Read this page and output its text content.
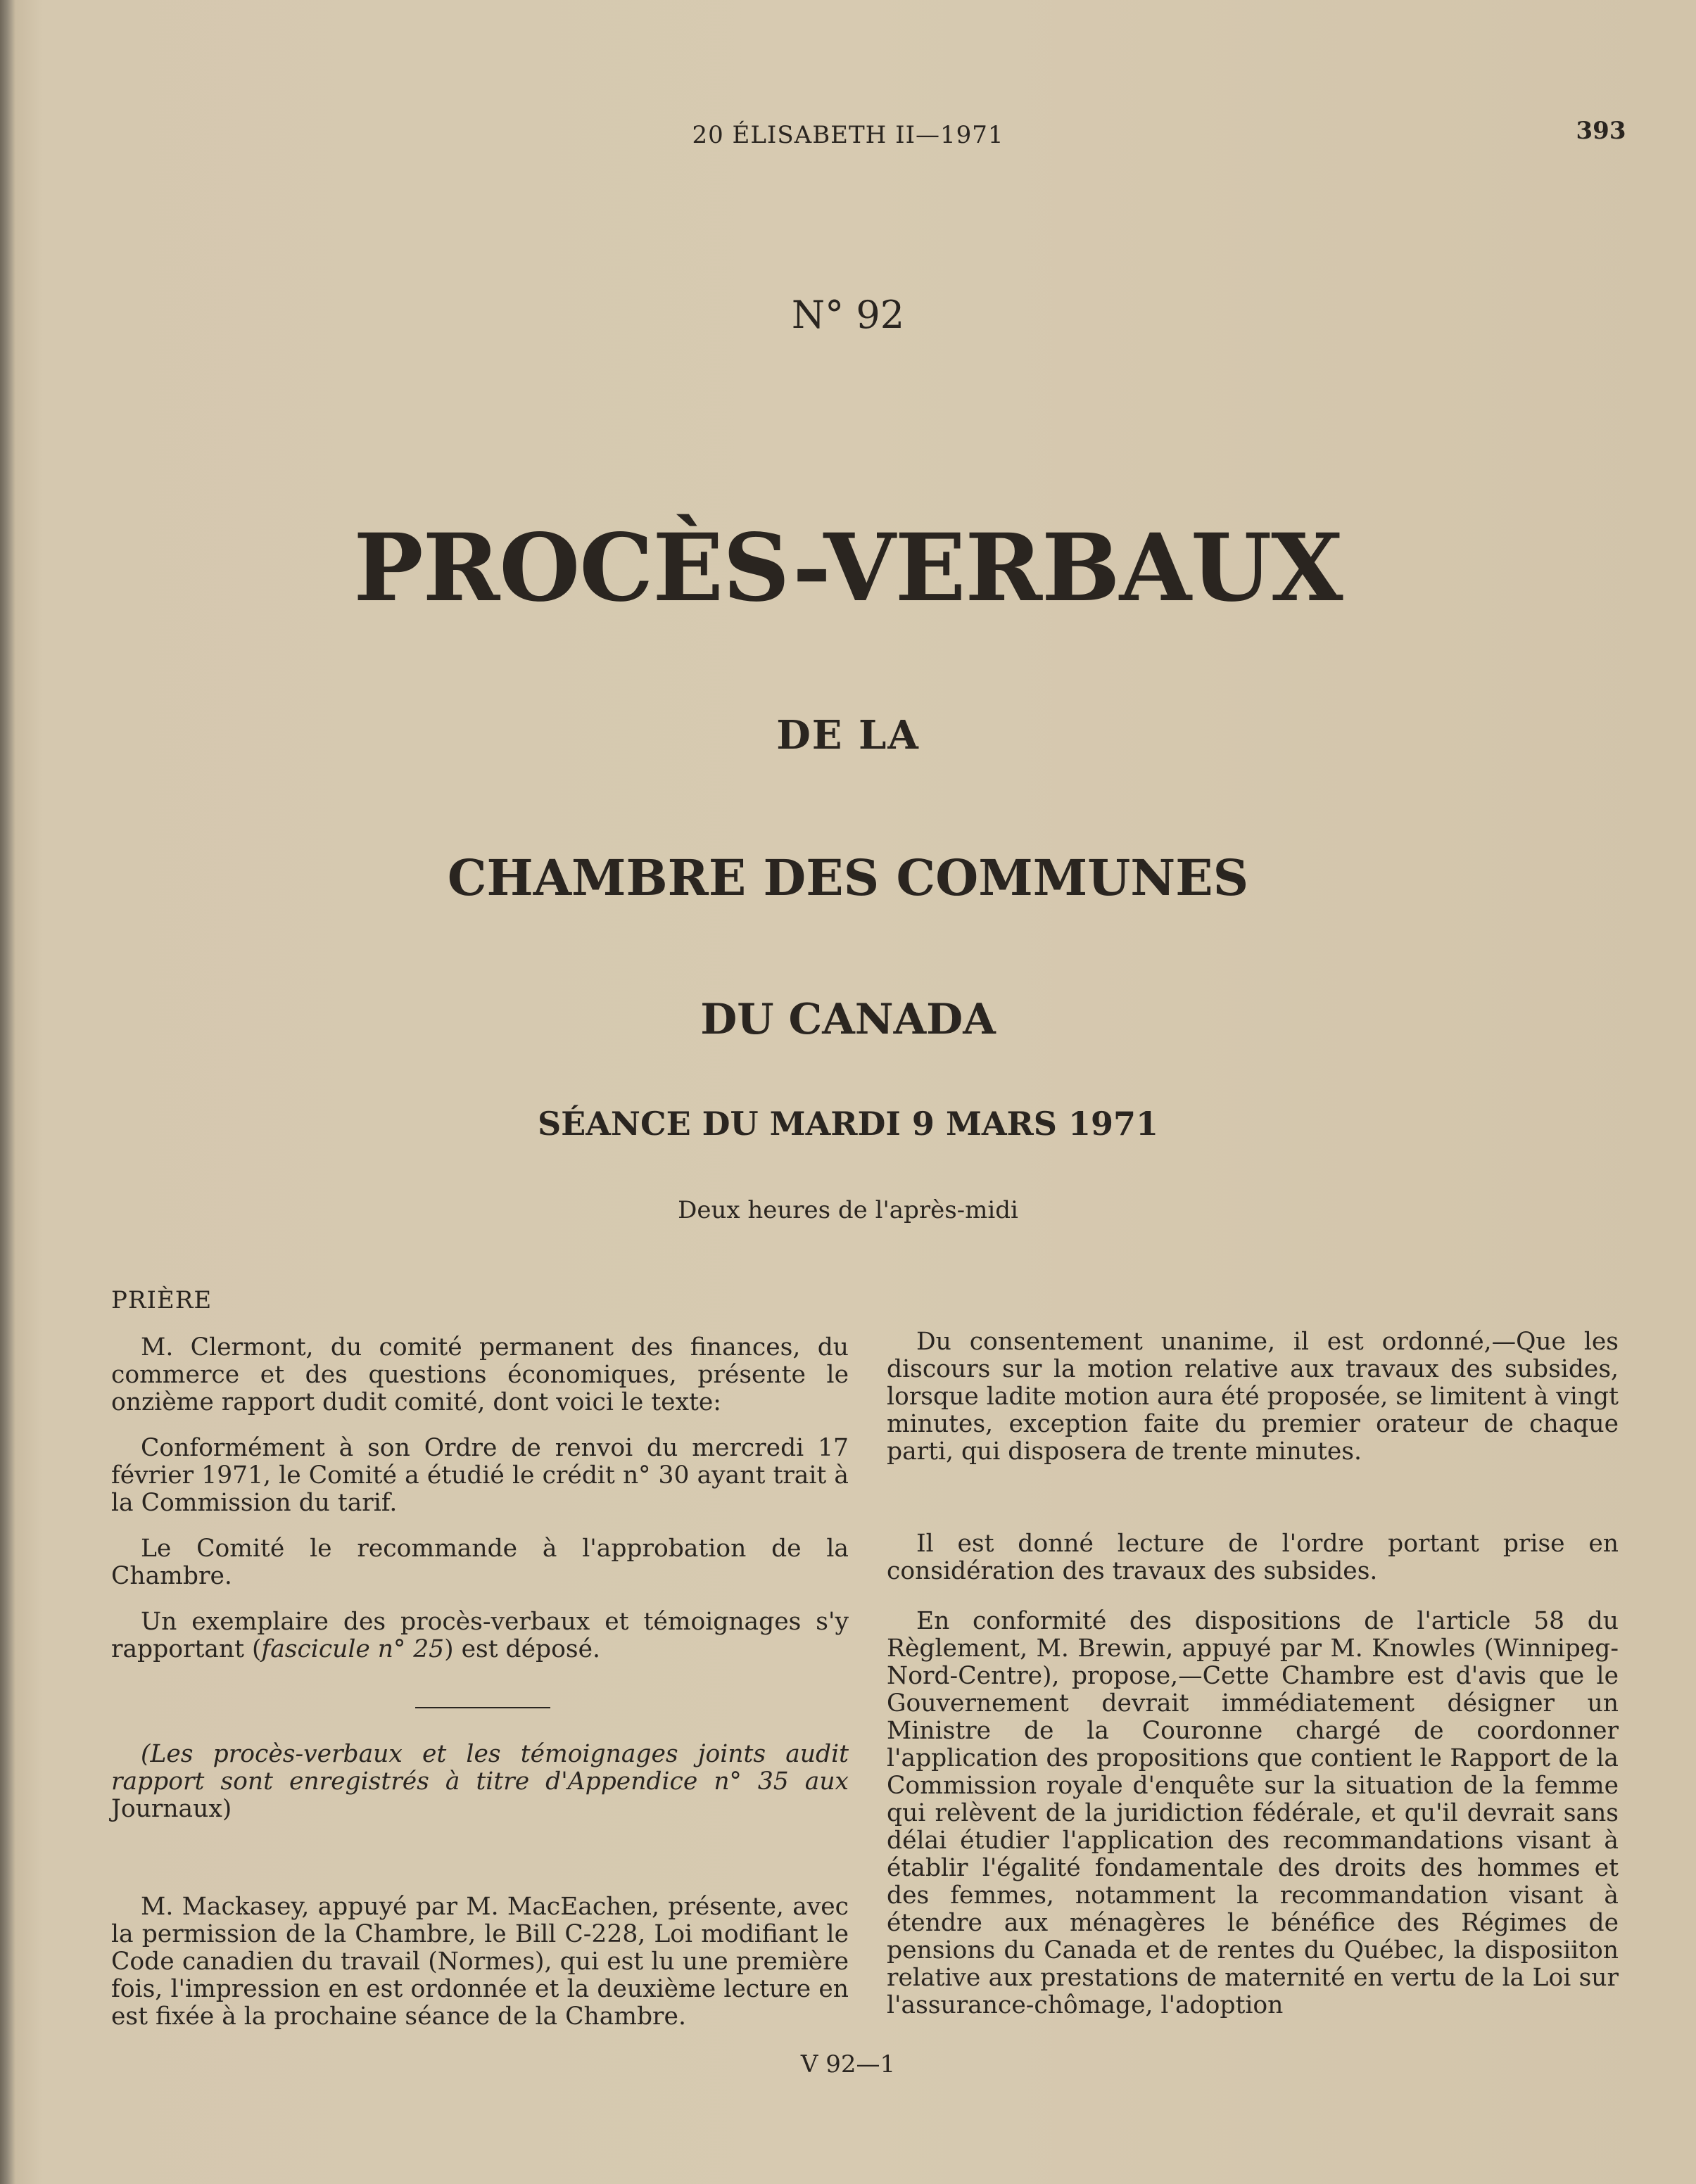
20 ÉLISABETH II—1971	393
N° 92
PROCÈS-VERBAUX
DE LA
CHAMBRE DES COMMUNES
DU CANADA
SÉANCE DU MARDI 9 MARS 1971
Deux heures de l'après-midi
PRIÈRE

M. Clermont, du comité permanent des finances, du commerce et des questions économiques, présente le onzième rapport dudit comité, dont voici le texte:

Conformément à son Ordre de renvoi du mercredi 17 février 1971, le Comité a étudié le crédit n° 30 ayant trait à la Commission du tarif.

Le Comité le recommande à l'approbation de la Chambre.

Un exemplaire des procès-verbaux et témoignages s'y rapportant (fascicule n° 25) est déposé.

(Les procès-verbaux et les témoignages joints audit rapport sont enregistrés à titre d'Appendice n° 35 aux Journaux)

M. Mackasey, appuyé par M. MacEachen, présente, avec la permission de la Chambre, le Bill C-228, Loi modifiant le Code canadien du travail (Normes), qui est lu une première fois, l'impression en est ordonnée et la deuxième lecture en est fixée à la prochaine séance de la Chambre.

Du consentement unanime, il est ordonné,—Que les discours sur la motion relative aux travaux des subsides, lorsque ladite motion aura été proposée, se limitent à vingt minutes, exception faite du premier orateur de chaque parti, qui disposera de trente minutes.

Il est donné lecture de l'ordre portant prise en considération des travaux des subsides.

En conformité des dispositions de l'article 58 du Règlement, M. Brewin, appuyé par M. Knowles (Winnipeg-Nord-Centre), propose,—Cette Chambre est d'avis que le Gouvernement devrait immédiatement désigner un Ministre de la Couronne chargé de coordonner l'application des propositions que contient le Rapport de la Commission royale d'enquête sur la situation de la femme qui relèvent de la juridiction fédérale, et qu'il devrait sans délai étudier l'application des recommandations visant à établir l'égalité fondamentale des droits des hommes et des femmes, notamment la recommandation visant à étendre aux ménagères le bénéfice des Régimes de pensions du Canada et de rentes du Québec, la disposiiton relative aux prestations de maternité en vertu de la Loi sur l'assurance-chômage, l'adoption

V 92—1
